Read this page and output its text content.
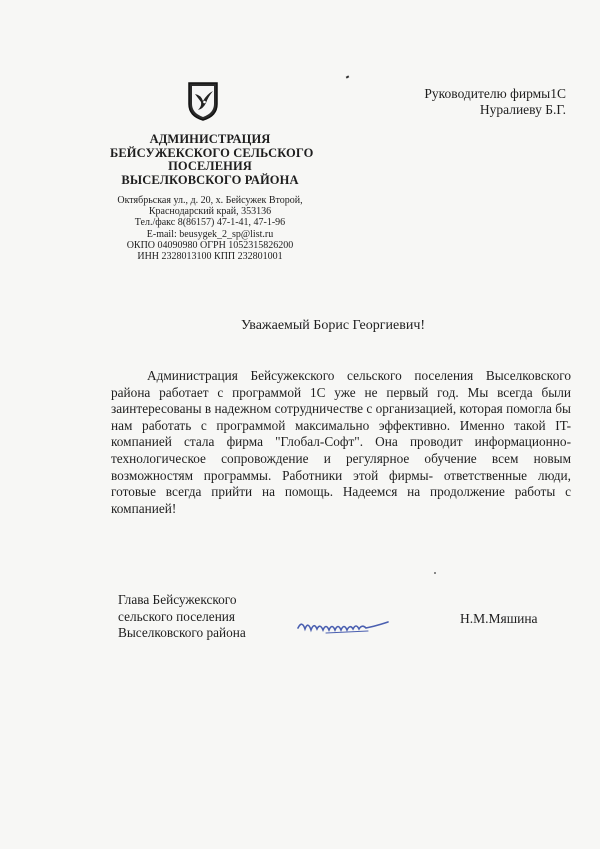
АДМИНИСТРАЦИЯ
БЕЙСУЖЕКСКОГО СЕЛЬСКОГО
ПОСЕЛЕНИЯ
ВЫСЕЛКОВСКОГО РАЙОНА
Октябрьская ул., д. 20, х. Бейсужек Второй,
Краснодарский край, 353136
Тел./факс 8(86157) 47-1-41, 47-1-96
E-mail: beusygek_2_sp@list.ru
ОКПО 04090980 ОГРН 1052315826200
ИНН 2328013100 КПП 232801001
Руководителю фирмы1С
Нуралиеву Б.Г.
Уважаемый Борис Георгиевич!
Администрация Бейсужекского сельского поселения Выселковского района работает с программой 1С уже не первый год. Мы всегда были заинтересованы в надежном сотрудничестве с организацией, которая помогла бы нам работать с программой максимально эффективно. Именно такой IT-компанией стала фирма "Глобал-Софт". Она проводит информационно-технологическое сопровождение и регулярное обучение всем новым возможностям программы. Работники этой фирмы- ответственные люди, готовые всегда прийти на помощь. Надеемся на продолжение работы с компанией!
Глава Бейсужекского
сельского поселения
Выселковского района
Н.М.Мяшина
